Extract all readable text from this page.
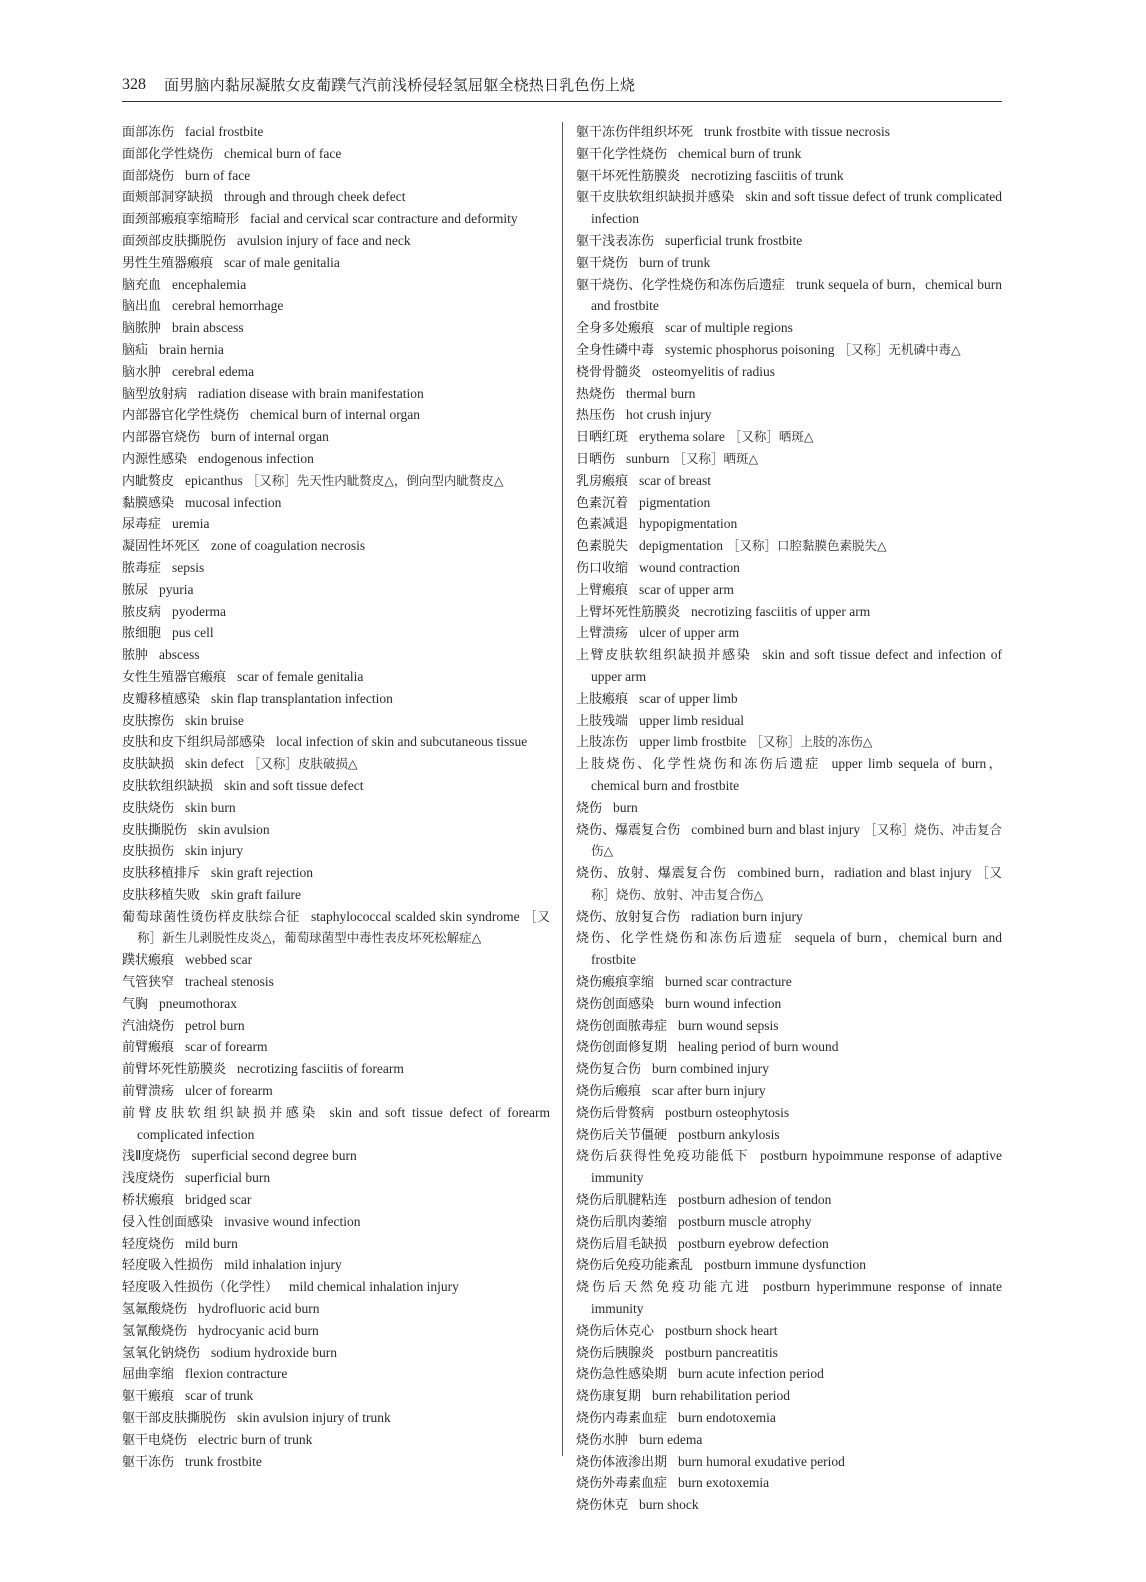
328 面男脑内黏尿凝脓女皮葡蹼气汽前浅桥侵轻氢屈躯全桡热日乳色伤上烧
面部冻伤 facial frostbite
面部化学性烧伤 chemical burn of face
面部烧伤 burn of face
面颊部洞穿缺损 through and through cheek defect
面颈部瘢痕挛缩畸形 facial and cervical scar contracture and deformity
面颈部皮肤撕脱伤 avulsion injury of face and neck
男性生殖器瘢痕 scar of male genitalia
脑充血 encephalemia
脑出血 cerebral hemorrhage
脑脓肿 brain abscess
脑疝 brain hernia
脑水肿 cerebral edema
脑型放射病 radiation disease with brain manifestation
内部器官化学性烧伤 chemical burn of internal organ
内部器官烧伤 burn of internal organ
内源性感染 endogenous infection
内眦赘皮 epicanthus ［又称］先天性内眦赘皮△，倒向型内眦赘皮△
黏膜感染 mucosal infection
尿毒症 uremia
凝固性坏死区 zone of coagulation necrosis
脓毒症 sepsis
脓尿 pyuria
脓皮病 pyoderma
脓细胞 pus cell
脓肿 abscess
女性生殖器官瘢痕 scar of female genitalia
皮瓣移植感染 skin flap transplantation infection
皮肤擦伤 skin bruise
皮肤和皮下组织局部感染 local infection of skin and subcutaneous tissue
皮肤缺损 skin defect ［又称］皮肤破损△
皮肤软组织缺损 skin and soft tissue defect
皮肤烧伤 skin burn
皮肤撕脱伤 skin avulsion
皮肤损伤 skin injury
皮肤移植排斥 skin graft rejection
皮肤移植失败 skin graft failure
葡萄球菌性烫伤样皮肤综合征 staphylococcal scalded skin syndrome ［又称］新生儿剥脱性皮炎△，葡萄球菌型中毒性表皮坏死松解症△
蹼状瘢痕 webbed scar
气管狭窄 tracheal stenosis
气胸 pneumothorax
汽油烧伤 petrol burn
前臂瘢痕 scar of forearm
前臂坏死性筋膜炎 necrotizing fasciitis of forearm
前臂溃疡 ulcer of forearm
前臂皮肤软组织缺损并感染 skin and soft tissue defect of forearm complicated infection
浅Ⅱ度烧伤 superficial second degree burn
浅度烧伤 superficial burn
桥状瘢痕 bridged scar
侵入性创面感染 invasive wound infection
轻度烧伤 mild burn
轻度吸入性损伤 mild inhalation injury
轻度吸入性损伤（化学性） mild chemical inhalation injury
氢氟酸烧伤 hydrofluoric acid burn
氢氰酸烧伤 hydrocyanic acid burn
氢氧化钠烧伤 sodium hydroxide burn
屈曲挛缩 flexion contracture
躯干瘢痕 scar of trunk
躯干部皮肤撕脱伤 skin avulsion injury of trunk
躯干电烧伤 electric burn of trunk
躯干冻伤 trunk frostbite
躯干冻伤伴组织坏死 trunk frostbite with tissue necrosis
躯干化学性烧伤 chemical burn of trunk
躯干坏死性筋膜炎 necrotizing fasciitis of trunk
躯干皮肤软组织缺损并感染 skin and soft tissue defect of trunk complicated infection
躯干浅表冻伤 superficial trunk frostbite
躯干烧伤 burn of trunk
躯干烧伤、化学性烧伤和冻伤后遗症 trunk sequela of burn，chemical burn and frostbite
全身多处瘢痕 scar of multiple regions
全身性磷中毒 systemic phosphorus poisoning ［又称］无机磷中毒△
桡骨骨髓炎 osteomyelitis of radius
热烧伤 thermal burn
热压伤 hot crush injury
日晒红斑 erythema solare ［又称］晒斑△
日晒伤 sunburn ［又称］晒斑△
乳房瘢痕 scar of breast
色素沉着 pigmentation
色素减退 hypopigmentation
色素脱失 depigmentation ［又称］口腔黏膜色素脱失△
伤口收缩 wound contraction
上臂瘢痕 scar of upper arm
上臂坏死性筋膜炎 necrotizing fasciitis of upper arm
上臂溃疡 ulcer of upper arm
上臂皮肤软组织缺损并感染 skin and soft tissue defect and infection of upper arm
上肢瘢痕 scar of upper limb
上肢残端 upper limb residual
上肢冻伤 upper limb frostbite ［又称］上肢的冻伤△
上肢烧伤、化学性烧伤和冻伤后遗症 upper limb sequela of burn，chemical burn and frostbite
烧伤 burn
烧伤、爆震复合伤 combined burn and blast injury ［又称］烧伤、冲击复合伤△
烧伤、放射、爆震复合伤 combined burn，radiation and blast injury ［又称］烧伤、放射、冲击复合伤△
烧伤、放射复合伤 radiation burn injury
烧伤、化学性烧伤和冻伤后遗症 sequela of burn，chemical burn and frostbite
烧伤瘢痕挛缩 burned scar contracture
烧伤创面感染 burn wound infection
烧伤创面脓毒症 burn wound sepsis
烧伤创面修复期 healing period of burn wound
烧伤复合伤 burn combined injury
烧伤后瘢痕 scar after burn injury
烧伤后骨赘病 postburn osteophytosis
烧伤后关节僵硬 postburn ankylosis
烧伤后获得性免疫功能低下 postburn hypoimmune response of adaptive immunity
烧伤后肌腱粘连 postburn adhesion of tendon
烧伤后肌肉萎缩 postburn muscle atrophy
烧伤后眉毛缺损 postburn eyebrow defection
烧伤后免疫功能紊乱 postburn immune dysfunction
烧伤后天然免疫功能亢进 postburn hyperimmune response of innate immunity
烧伤后休克心 postburn shock heart
烧伤后胰腺炎 postburn pancreatitis
烧伤急性感染期 burn acute infection period
烧伤康复期 burn rehabilitation period
烧伤内毒素血症 burn endotoxemia
烧伤水肿 burn edema
烧伤体液渗出期 burn humoral exudative period
烧伤外毒素血症 burn exotoxemia
烧伤休克 burn shock
